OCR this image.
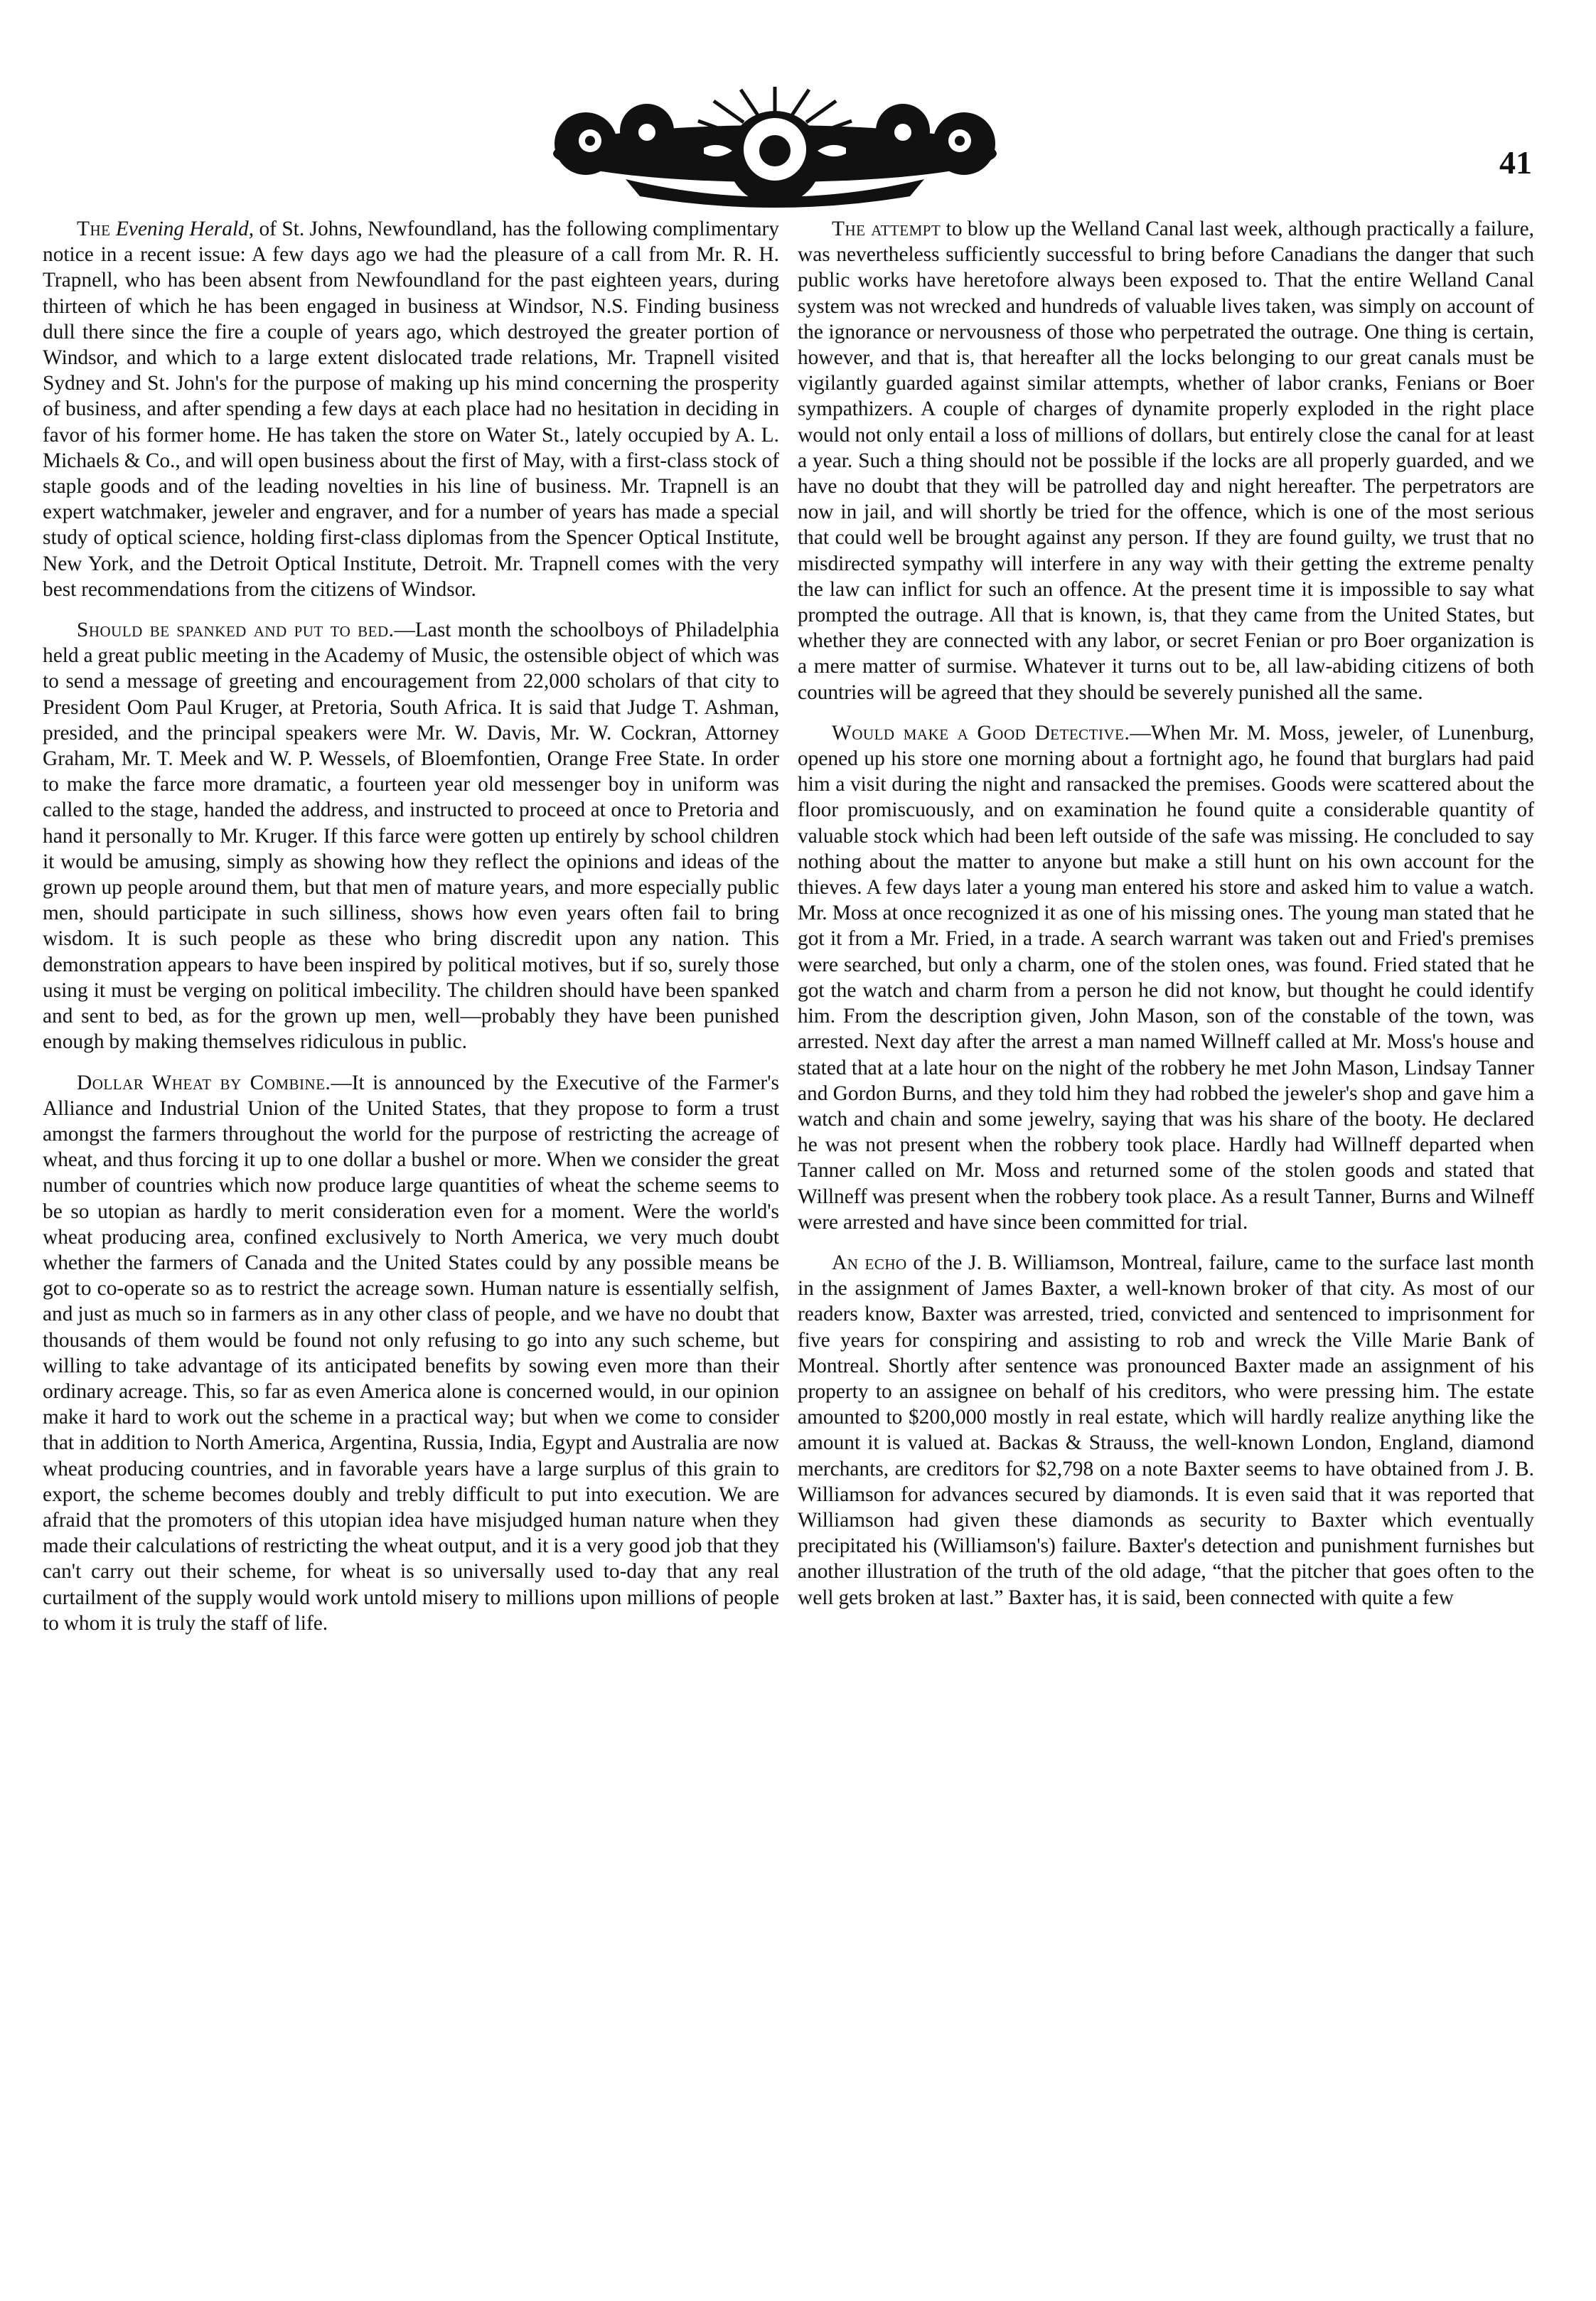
41

The Evening Herald, of St. Johns, Newfoundland, has the following complimentary notice in a recent issue: A few days ago we had the pleasure of a call from Mr. R. H. Trapnell, who has been absent from Newfoundland for the past eighteen years, during thirteen of which he has been engaged in business at Windsor, N.S. Finding business dull there since the fire a couple of years ago, which destroyed the greater portion of Windsor, and which to a large extent dislocated trade relations, Mr. Trapnell visited Sydney and St. John's for the purpose of making up his mind concerning the prosperity of business, and after spending a few days at each place had no hesitation in deciding in favor of his former home. He has taken the store on Water St., lately occupied by A. L. Michaels & Co., and will open business about the first of May, with a first-class stock of staple goods and of the leading novelties in his line of business. Mr. Trapnell is an expert watchmaker, jeweler and engraver, and for a number of years has made a special study of optical science, holding first-class diplomas from the Spencer Optical Institute, New York, and the Detroit Optical Institute, Detroit. Mr. Trapnell comes with the very best recommendations from the citizens of Windsor.

Should be spanked and put to bed.—Last month the schoolboys of Philadelphia held a great public meeting in the Academy of Music, the ostensible object of which was to send a message of greeting and encouragement from 22,000 scholars of that city to President Oom Paul Kruger, at Pretoria, South Africa. It is said that Judge T. Ashman, presided, and the principal speakers were Mr. W. Davis, Mr. W. Cockran, Attorney Graham, Mr. T. Meek and W. P. Wessels, of Bloemfontien, Orange Free State. In order to make the farce more dramatic, a fourteen year old messenger boy in uniform was called to the stage, handed the address, and instructed to proceed at once to Pretoria and hand it personally to Mr. Kruger. If this farce were gotten up entirely by school children it would be amusing, simply as showing how they reflect the opinions and ideas of the grown up people around them, but that men of mature years, and more especially public men, should participate in such silliness, shows how even years often fail to bring wisdom. It is such people as these who bring discredit upon any nation. This demonstration appears to have been inspired by political motives, but if so, surely those using it must be verging on political imbecility. The children should have been spanked and sent to bed, as for the grown up men, well—probably they have been punished enough by making themselves ridiculous in public.

Dollar Wheat by Combine.—It is announced by the Executive of the Farmer's Alliance and Industrial Union of the United States, that they propose to form a trust amongst the farmers throughout the world for the purpose of restricting the acreage of wheat, and thus forcing it up to one dollar a bushel or more. When we consider the great number of countries which now produce large quantities of wheat the scheme seems to be so utopian as hardly to merit consideration even for a moment. Were the world's wheat producing area, confined exclusively to North America, we very much doubt whether the farmers of Canada and the United States could by any possible means be got to co-operate so as to restrict the acreage sown. Human nature is essentially selfish, and just as much so in farmers as in any other class of people, and we have no doubt that thousands of them would be found not only refusing to go into any such scheme, but willing to take advantage of its anticipated benefits by sowing even more than their ordinary acreage. This, so far as even America alone is concerned would, in our opinion make it hard to work out the scheme in a practical way; but when we come to consider that in addition to North America, Argentina, Russia, India, Egypt and Australia are now wheat producing countries, and in favorable years have a large surplus of this grain to export, the scheme becomes doubly and trebly difficult to put into execution. We are afraid that the promoters of this utopian idea have misjudged human nature when they made their calculations of restricting the wheat output, and it is a very good job that they can't carry out their scheme, for wheat is so universally used to-day that any real curtailment of the supply would work untold misery to millions upon millions of people to whom it is truly the staff of life.

The attempt to blow up the Welland Canal last week, although practically a failure, was nevertheless sufficiently successful to bring before Canadians the danger that such public works have heretofore always been exposed to. That the entire Welland Canal system was not wrecked and hundreds of valuable lives taken, was simply on account of the ignorance or nervousness of those who perpetrated the outrage. One thing is certain, however, and that is, that hereafter all the locks belonging to our great canals must be vigilantly guarded against similar attempts, whether of labor cranks, Fenians or Boer sympathizers. A couple of charges of dynamite properly exploded in the right place would not only entail a loss of millions of dollars, but entirely close the canal for at least a year. Such a thing should not be possible if the locks are all properly guarded, and we have no doubt that they will be patrolled day and night hereafter. The perpetrators are now in jail, and will shortly be tried for the offence, which is one of the most serious that could well be brought against any person. If they are found guilty, we trust that no misdirected sympathy will interfere in any way with their getting the extreme penalty the law can inflict for such an offence. At the present time it is impossible to say what prompted the outrage. All that is known, is, that they came from the United States, but whether they are connected with any labor, or secret Fenian or pro Boer organization is a mere matter of surmise. Whatever it turns out to be, all law-abiding citizens of both countries will be agreed that they should be severely punished all the same.

Would make a Good Detective.—When Mr. M. Moss, jeweler, of Lunenburg, opened up his store one morning about a fortnight ago, he found that burglars had paid him a visit during the night and ransacked the premises. Goods were scattered about the floor promiscuously, and on examination he found quite a considerable quantity of valuable stock which had been left outside of the safe was missing. He concluded to say nothing about the matter to anyone but make a still hunt on his own account for the thieves. A few days later a young man entered his store and asked him to value a watch. Mr. Moss at once recognized it as one of his missing ones. The young man stated that he got it from a Mr. Fried, in a trade. A search warrant was taken out and Fried's premises were searched, but only a charm, one of the stolen ones, was found. Fried stated that he got the watch and charm from a person he did not know, but thought he could identify him. From the description given, John Mason, son of the constable of the town, was arrested. Next day after the arrest a man named Willneff called at Mr. Moss's house and stated that at a late hour on the night of the robbery he met John Mason, Lindsay Tanner and Gordon Burns, and they told him they had robbed the jeweler's shop and gave him a watch and chain and some jewelry, saying that was his share of the booty. He declared he was not present when the robbery took place. Hardly had Willneff departed when Tanner called on Mr. Moss and returned some of the stolen goods and stated that Willneff was present when the robbery took place. As a result Tanner, Burns and Wilneff were arrested and have since been committed for trial.

An echo of the J. B. Williamson, Montreal, failure, came to the surface last month in the assignment of James Baxter, a well-known broker of that city. As most of our readers know, Baxter was arrested, tried, convicted and sentenced to imprisonment for five years for conspiring and assisting to rob and wreck the Ville Marie Bank of Montreal. Shortly after sentence was pronounced Baxter made an assignment of his property to an assignee on behalf of his creditors, who were pressing him. The estate amounted to $200,000 mostly in real estate, which will hardly realize anything like the amount it is valued at. Backas & Strauss, the well-known London, England, diamond merchants, are creditors for $2,798 on a note Baxter seems to have obtained from J. B. Williamson for advances secured by diamonds. It is even said that it was reported that Williamson had given these diamonds as security to Baxter which eventually precipitated his (Williamson's) failure. Baxter's detection and punishment furnishes but another illustration of the truth of the old adage, “that the pitcher that goes often to the well gets broken at last.” Baxter has, it is said, been connected with quite a few
